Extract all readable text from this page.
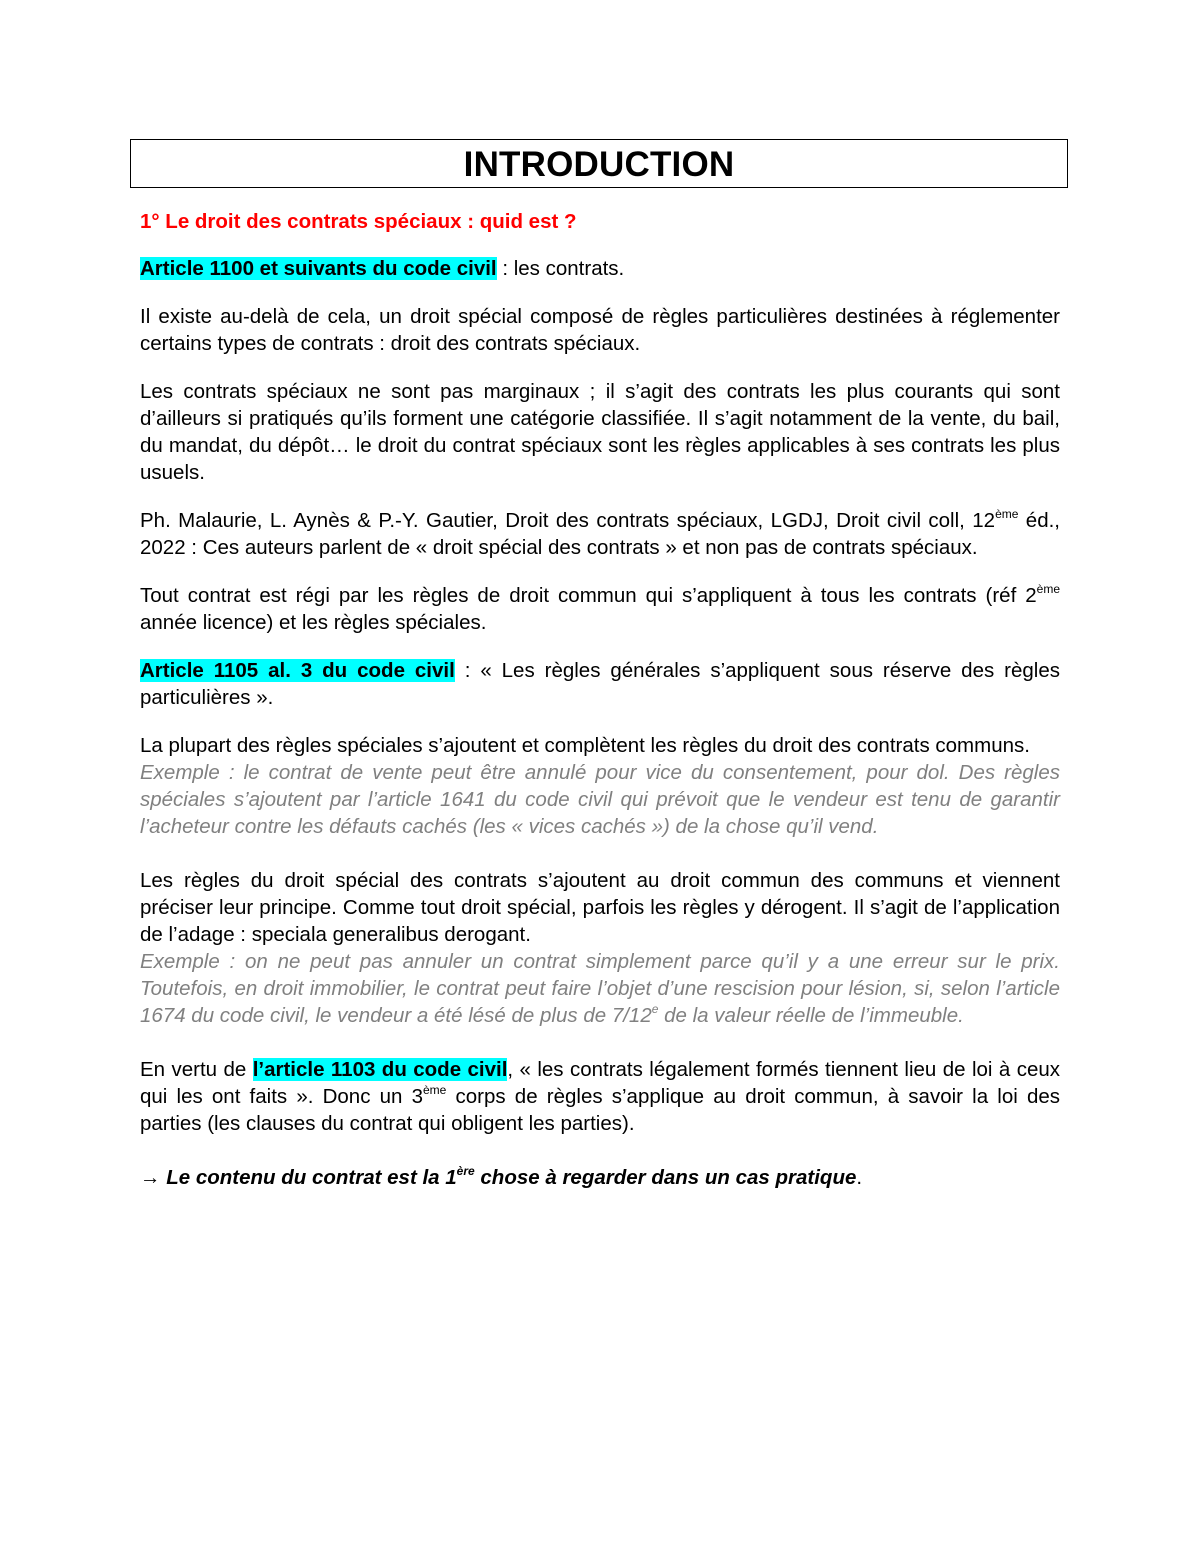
INTRODUCTION

1° Le droit des contrats spéciaux : quid est ?

Article 1100 et suivants du code civil : les contrats.

Il existe au-delà de cela, un droit spécial composé de règles particulières destinées à réglementer certains types de contrats : droit des contrats spéciaux.

Les contrats spéciaux ne sont pas marginaux ; il s’agit des contrats les plus courants qui sont d’ailleurs si pratiqués qu’ils forment une catégorie classifiée. Il s’agit notamment de la vente, du bail, du mandat, du dépôt… le droit du contrat spéciaux sont les règles applicables à ses contrats les plus usuels.

Ph. Malaurie, L. Aynès & P.-Y. Gautier, Droit des contrats spéciaux, LGDJ, Droit civil coll, 12ème éd., 2022 : Ces auteurs parlent de « droit spécial des contrats » et non pas de contrats spéciaux.

Tout contrat est régi par les règles de droit commun qui s’appliquent à tous les contrats (réf 2ème année licence) et les règles spéciales.

Article 1105 al. 3 du code civil : « Les règles générales s’appliquent sous réserve des règles particulières ».

La plupart des règles spéciales s’ajoutent et complètent les règles du droit des contrats communs.

Exemple : le contrat de vente peut être annulé pour vice du consentement, pour dol. Des règles spéciales s’ajoutent par l’article 1641 du code civil qui prévoit que le vendeur est tenu de garantir l’acheteur contre les défauts cachés (les « vices cachés ») de la chose qu’il vend.

Les règles du droit spécial des contrats s’ajoutent au droit commun des communs et viennent préciser leur principe. Comme tout droit spécial, parfois les règles y dérogent. Il s’agit de l’application de l’adage : speciala generalibus derogant.

Exemple : on ne peut pas annuler un contrat simplement parce qu’il y a une erreur sur le prix. Toutefois, en droit immobilier, le contrat peut faire l’objet d’une rescision pour lésion, si, selon l’article 1674 du code civil, le vendeur a été lésé de plus de 7/12e de la valeur réelle de l’immeuble.

En vertu de l’article 1103 du code civil, « les contrats légalement formés tiennent lieu de loi à ceux qui les ont faits ». Donc un 3ème corps de règles s’applique au droit commun, à savoir la loi des parties (les clauses du contrat qui obligent les parties).

→ Le contenu du contrat est la 1ère chose à regarder dans un cas pratique.
